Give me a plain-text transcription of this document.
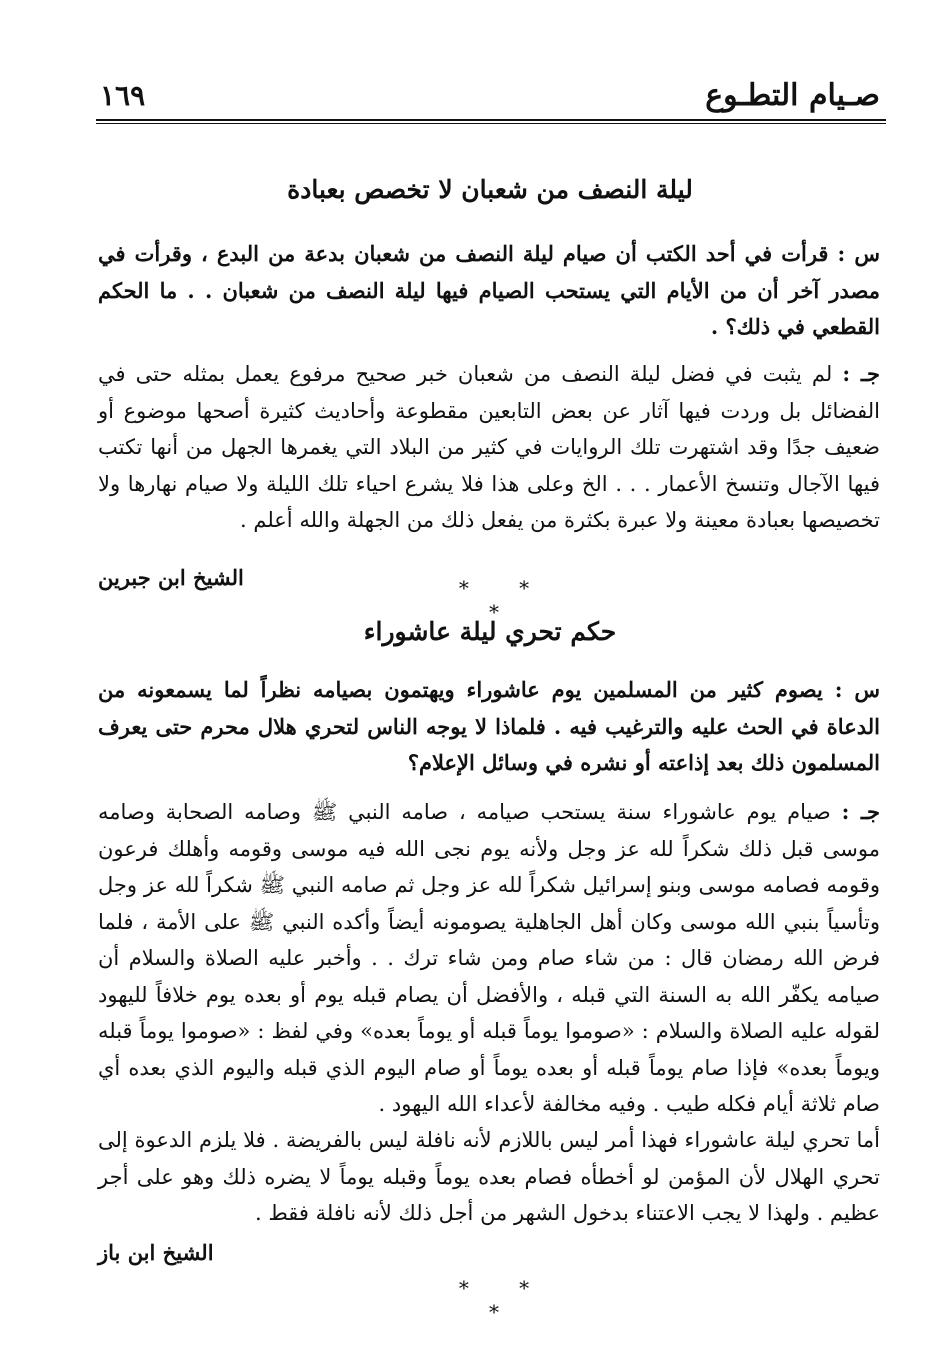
صـيام التطـوع
١٦٩
ليلة النصف من شعبان لا تخصص بعبادة
س : قرأت في أحد الكتب أن صيام ليلة النصف من شعبان بدعة من البدع ، وقرأت في مصدر آخر أن من الأيام التي يستحب الصيام فيها ليلة النصف من شعبان . . ما الحكم القطعي في ذلك؟ .
جـ : لم يثبت في فضل ليلة النصف من شعبان خبر صحيح مرفوع يعمل بمثله حتى في الفضائل بل وردت فيها آثار عن بعض التابعين مقطوعة وأحاديث كثيرة أصحها موضوع أو ضعيف جدًا وقد اشتهرت تلك الروايات في كثير من البلاد التي يغمرها الجهل من أنها تكتب فيها الآجال وتنسخ الأعمار . . . الخ وعلى هذا فلا يشرع احياء تلك الليلة ولا صيام نهارها ولا تخصيصها بعبادة معينة ولا عبرة بكثرة من يفعل ذلك من الجهلة والله أعلم .
الشيخ ابن جبرين	* * *
حكم تحري ليلة عاشوراء
س : يصوم كثير من المسلمين يوم عاشوراء ويهتمون بصيامه نظراً لما يسمعونه من الدعاة في الحث عليه والترغيب فيه . فلماذا لا يوجه الناس لتحري هلال محرم حتى يعرف المسلمون ذلك بعد إذاعته أو نشره في وسائل الإعلام؟
جـ : صيام يوم عاشوراء سنة يستحب صيامه ، صامه النبي ﷺ وصامه الصحابة وصامه موسى قبل ذلك شكراً لله عز وجل ولأنه يوم نجى الله فيه موسى وقومه وأهلك فرعون وقومه فصامه موسى وبنو إسرائيل شكراً لله عز وجل ثم صامه النبي ﷺ شكراً لله عز وجل وتأسياً بنبي الله موسى وكان أهل الجاهلية يصومونه أيضاً وأكده النبي ﷺ على الأمة ، فلما فرض الله رمضان قال : من شاء صام ومن شاء ترك . . وأخبر عليه الصلاة والسلام أن صيامه يكفّر الله به السنة التي قبله ، والأفضل أن يصام قبله يوم أو بعده يوم خلافاً لليهود لقوله عليه الصلاة والسلام : «صوموا يوماً قبله أو يوماً بعده» وفي لفظ : «صوموا يوماً قبله ويوماً بعده» فإذا صام يوماً قبله أو بعده يوماً أو صام اليوم الذي قبله واليوم الذي بعده أي صام ثلاثة أيام فكله طيب . وفيه مخالفة لأعداء الله اليهود .
أما تحري ليلة عاشوراء فهذا أمر ليس باللازم لأنه نافلة ليس بالفريضة . فلا يلزم الدعوة إلى تحري الهلال لأن المؤمن لو أخطأه فصام بعده يوماً وقبله يوماً لا يضره ذلك وهو على أجر عظيم . ولهذا لا يجب الاعتناء بدخول الشهر من أجل ذلك لأنه نافلة فقط .
الشيخ ابن باز
* * *
